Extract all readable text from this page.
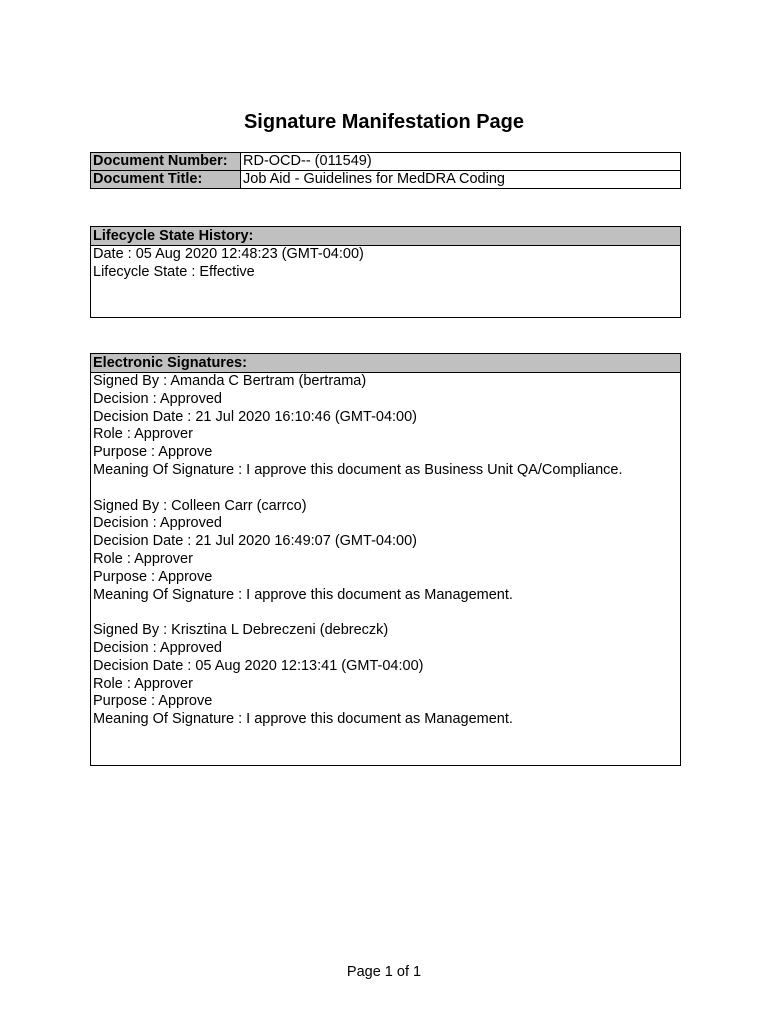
Signature Manifestation Page
Document Number:	RD-OCD-- (011549)
Document Title:	Job Aid - Guidelines for MedDRA Coding
Lifecycle State History:
Date : 05 Aug 2020 12:48:23 (GMT-04:00)
Lifecycle State : Effective
Electronic Signatures:
Signed By : Amanda C Bertram (bertrama)
Decision : Approved
Decision Date : 21 Jul 2020 16:10:46 (GMT-04:00)
Role : Approver
Purpose : Approve
Meaning Of Signature : I approve this document as Business Unit QA/Compliance.
Signed By : Colleen Carr (carrco)
Decision : Approved
Decision Date : 21 Jul 2020 16:49:07 (GMT-04:00)
Role : Approver
Purpose : Approve
Meaning Of Signature : I approve this document as Management.
Signed By : Krisztina L Debreczeni (debreczk)
Decision : Approved
Decision Date : 05 Aug 2020 12:13:41 (GMT-04:00)
Role : Approver
Purpose : Approve
Meaning Of Signature : I approve this document as Management.
Page 1 of 1
